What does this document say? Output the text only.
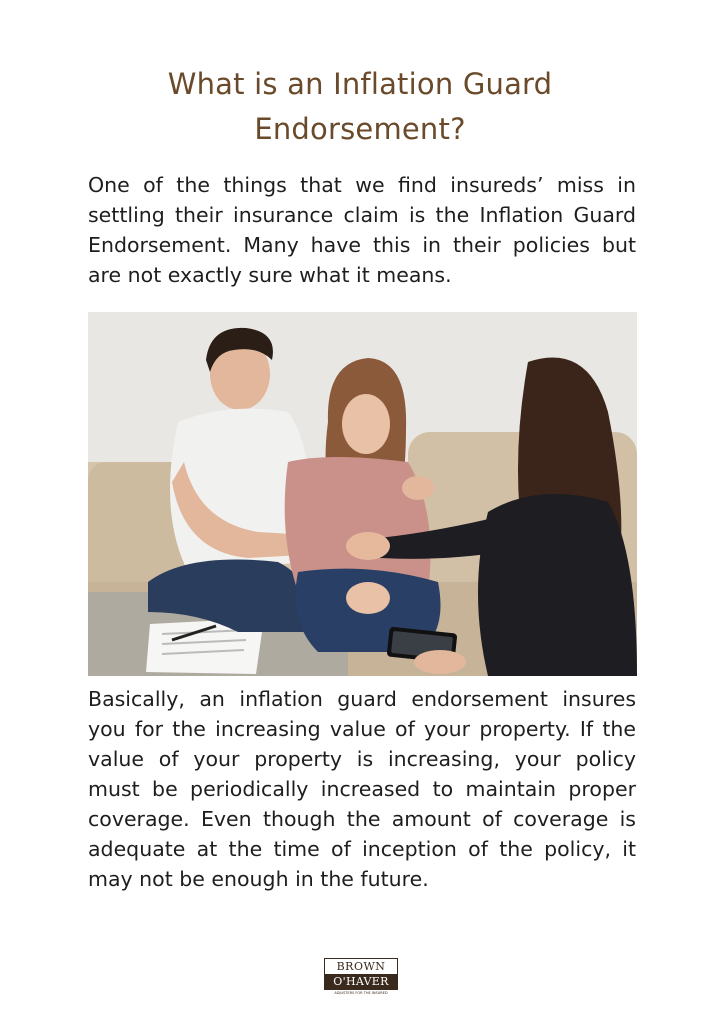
What is an Inflation Guard Endorsement?

One of the things that we find insureds’ miss in settling their insurance claim is the Inflation Guard Endorsement. Many have this in their policies but are not exactly sure what it means.

Basically, an inflation guard endorsement insures you for the increasing value of your property. If the value of your property is increasing, your policy must be periodically increased to maintain proper coverage. Even though the amount of coverage is adequate at the time of inception of the policy, it may not be enough in the future.

BROWN
O'HAVER
ADJUSTERS FOR THE INSURED
